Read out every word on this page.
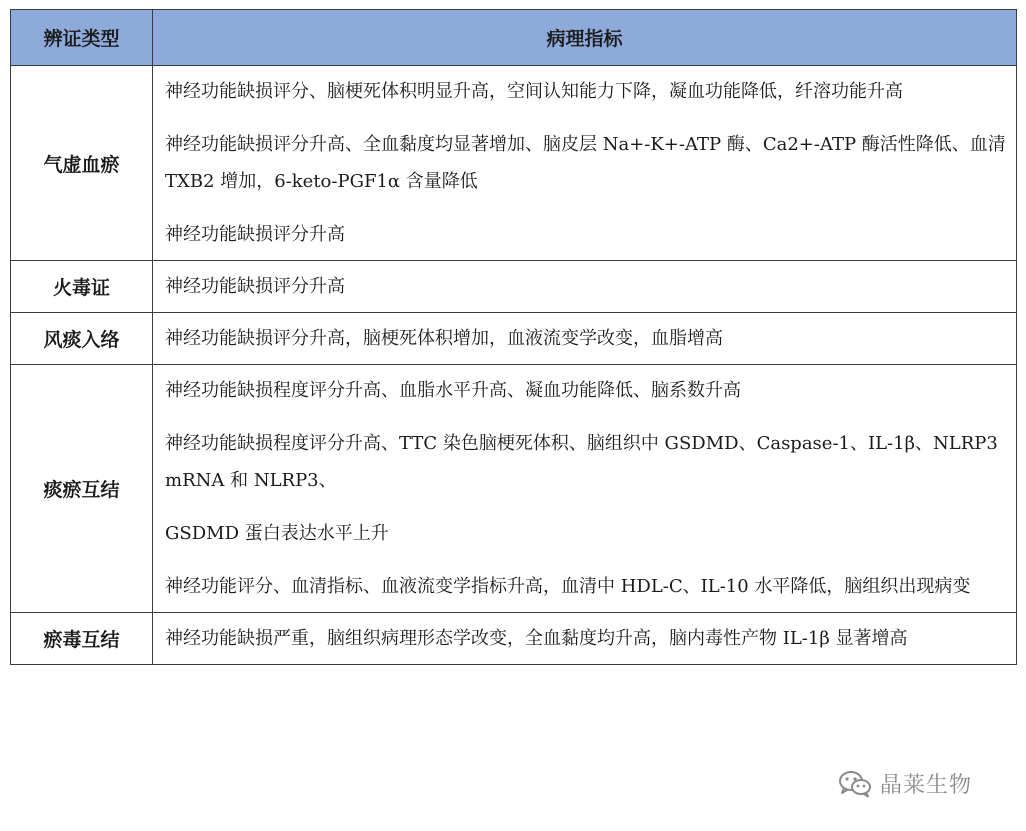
辨证类型	病理指标
气虚血瘀	神经功能缺损评分、脑梗死体积明显升高，空间认知能力下降，凝血功能降低，纤溶功能升高

神经功能缺损评分升高、全血黏度均显著增加、脑皮层 Na+-K+-ATP 酶、Ca2+-ATP 酶活性降低、血清 TXB2 增加，6-keto-PGF1α 含量降低

神经功能缺损评分升高

火毒证	神经功能缺损评分升高

风痰入络	神经功能缺损评分升高，脑梗死体积增加，血液流变学改变，血脂增高

痰瘀互结	神经功能缺损程度评分升高、血脂水平升高、凝血功能降低、脑系数升高

神经功能缺损程度评分升高、TTC 染色脑梗死体积、脑组织中 GSDMD、Caspase-1、IL-1β、NLRP3 mRNA 和 NLRP3、

GSDMD 蛋白表达水平上升

神经功能评分、血清指标、血液流变学指标升高，血清中 HDL-C、IL-10 水平降低，脑组织出现病变

瘀毒互结	神经功能缺损严重，脑组织病理形态学改变，全血黏度均升高，脑内毒性产物 IL-1β 显著增高

晶莱生物
